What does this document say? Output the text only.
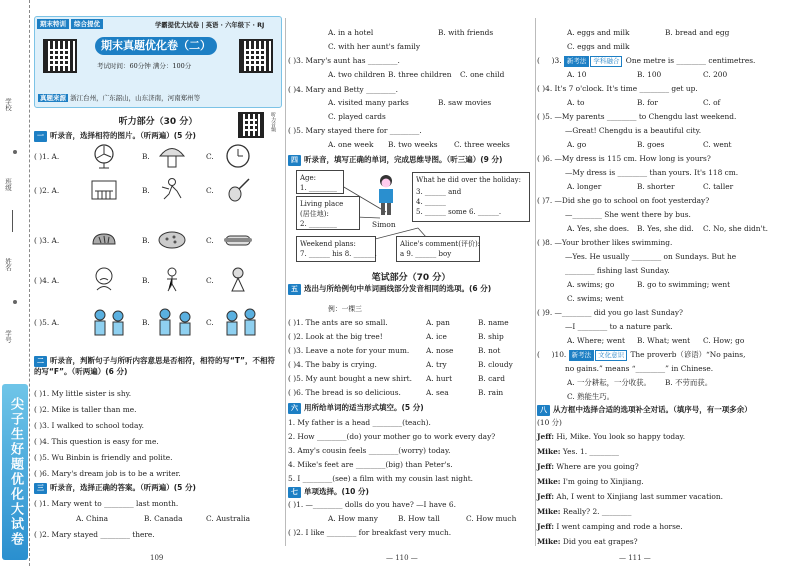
学校
班级
姓名
学号
尖子生好题优化大试卷
期末特训 综合提优	学霸提优大试卷 | 英语 · 六年级下 · RJ
期末真题优化卷（二）
考试时间：60分钟 满分：100分
真题来源 浙江台州，广东韶山，山东济南，河南郑州等
听力音频
听力部分（30 分）
一 听录音，选择相符的图片。（听两遍）(5 分)
( )1. A.	B.	C.
( )2. A.	B.	C.
( )3. A.	B.	C.
( )4. A.	B.	C.
( )5. A.	B.	C.
二 听录音，判断句子与所听内容意思是否相符，相符的写“T”，不相符的写“F”。（听两遍）(6 分)
( )1. My little sister is shy.
( )2. Mike is taller than me.
( )3. I walked to school today.
( )4. This question is easy for me.
( )5. Wu Binbin is friendly and polite.
( )6. Mary's dream job is to be a writer.
三 听录音，选择正确的答案。（听两遍）(5 分)
( )1. Mary went to ________ last month.
A. China	B. Canada	C. Australia
( )2. Mary stayed ________ there.
109
A. in a hotel	B. with friends
C. with her aunt's family
( )3. Mary's aunt has ________.
A. two children B. three children C. one child
( )4. Mary and Betty ________.
A. visited many parks	B. saw movies
C. played cards
( )5. Mary stayed there for ________.
A. one week B. two weeks C. three weeks
四 听录音，填写正确的单词，完成思维导图。（听三遍）(9 分)
Age:
1. ________
Living place
(居住地):
2. ________	Simon
What he did over the holiday:
3. ______ and
4. ______
5. ______ some 6. ______.
Weekend plans:
7. ______ his 8. ______.
Alice's comment(评价):
a 9. ______ boy
笔试部分（70 分）
五 选出与所给例句中单词画线部分发音相同的选项。(6 分)
例：一棵三
( )1. The ants are so small.	A. pan	B. name
( )2. Look at the big tree!	A. ice	B. ship
( )3. Leave a note for your mum. A. nose	B. not
( )4. The baby is crying.	A. try	B. cloudy
( )5. My aunt bought a new shirt. A. hurt	B. card
( )6. The bread is so delicious.	A. sea	B. rain
六 用所给单词的适当形式填空。(5 分)
1. My father is a head ________(teach).
2. How ________(do) your mother go to work every day?
3. Amy's cousin feels ________(worry) today.
4. Mike's feet are ________(big) than Peter's.
5. I ________(see) a film with my cousin last night.
七 单项选择。(10 分)
( )1. —________ dolls do you have? —I have 6.
A. How many	B. How tall	C. How much
( )2. I like ________ for breakfast very much.
— 110 —
A. eggs and milk	B. bread and egg
C. eggs and milk
(     )3. 新考法 学科融合 One metre is ________ centimetres.
A. 10	B. 100	C. 200
( )4. It's 7 o'clock. It's time ________ get up.
A. to	B. for	C. of
( )5. —My parents ________ to Chengdu last weekend.
—Great! Chengdu is a beautiful city.
A. go	B. goes	C. went
( )6. —My dress is 115 cm. How long is yours?
—My dress is ________ than yours. It's 118 cm.
A. longer	B. shorter	C. taller
( )7. —Did she go to school on foot yesterday?
—________ She went there by bus.
A. Yes, she does. B. Yes, she did. C. No, she didn't.
( )8. —Your brother likes swimming.
—Yes. He usually ________ on Sundays. But he
________ fishing last Sunday.
A. swims; go	B. go to swimming; went
C. swims; went
( )9. —________ did you go last Sunday?
—I ________ to a nature park.
A. Where; went B. What; went C. How; go
(     )10. 新考法 文化意识 The proverb（谚语）“No pains,
no gains.” means “________” in Chinese.
A. 一分耕耘，一分收获。 B. 不劳而获。
C. 熟能生巧。
八 从方框中选择合适的选项补全对话。（填序号，有一项多余）
(10 分)
Jeff: Hi, Mike. You look so happy today.
Mike: Yes. 1. ________
Jeff: Where are you going?
Mike: I'm going to Xinjiang.
Jeff: Ah, I went to Xinjiang last summer vacation.
Mike: Really? 2. ________
Jeff: I went camping and rode a horse.
Mike: Did you eat grapes?
— 111 —
